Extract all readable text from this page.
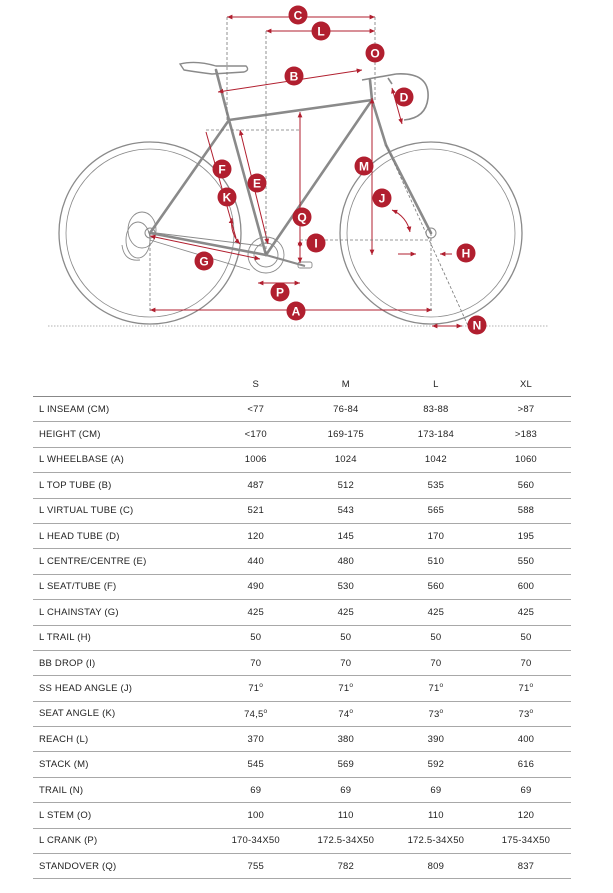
C
L
O
B
D
M
F
E
K	J
Q
I
H
G
P
A
N
	S	M	L	XL
L INSEAM (CM)	<77	76-84	83-88	>87
HEIGHT (CM)	<170	169-175	173-184	>183
L WHEELBASE (A)	1006	1024	1042	1060
L TOP TUBE (B)	487	512	535	560
L VIRTUAL TUBE (C)	521	543	565	588
L HEAD TUBE (D)	120	145	170	195
L CENTRE/CENTRE (E)	440	480	510	550
L SEAT/TUBE (F)	490	530	560	600
L CHAINSTAY (G)	425	425	425	425
L TRAIL (H)	50	50	50	50
BB DROP (I)	70	70	70	70
SS HEAD ANGLE (J)	71$^o$	71$^o$	71$^o$	71$^o$
SEAT ANGLE (K)	74,5$^o$	74$^o$	73$^o$	73$^o$
REACH (L)	370	380	390	400
STACK (M)	545	569	592	616
TRAIL (N)	69	69	69	69
L STEM (O)	100	110	110	120
L CRANK (P)	170-34X50	172.5-34X50	172.5-34X50	175-34X50
STANDOVER (Q)	755	782	809	837
